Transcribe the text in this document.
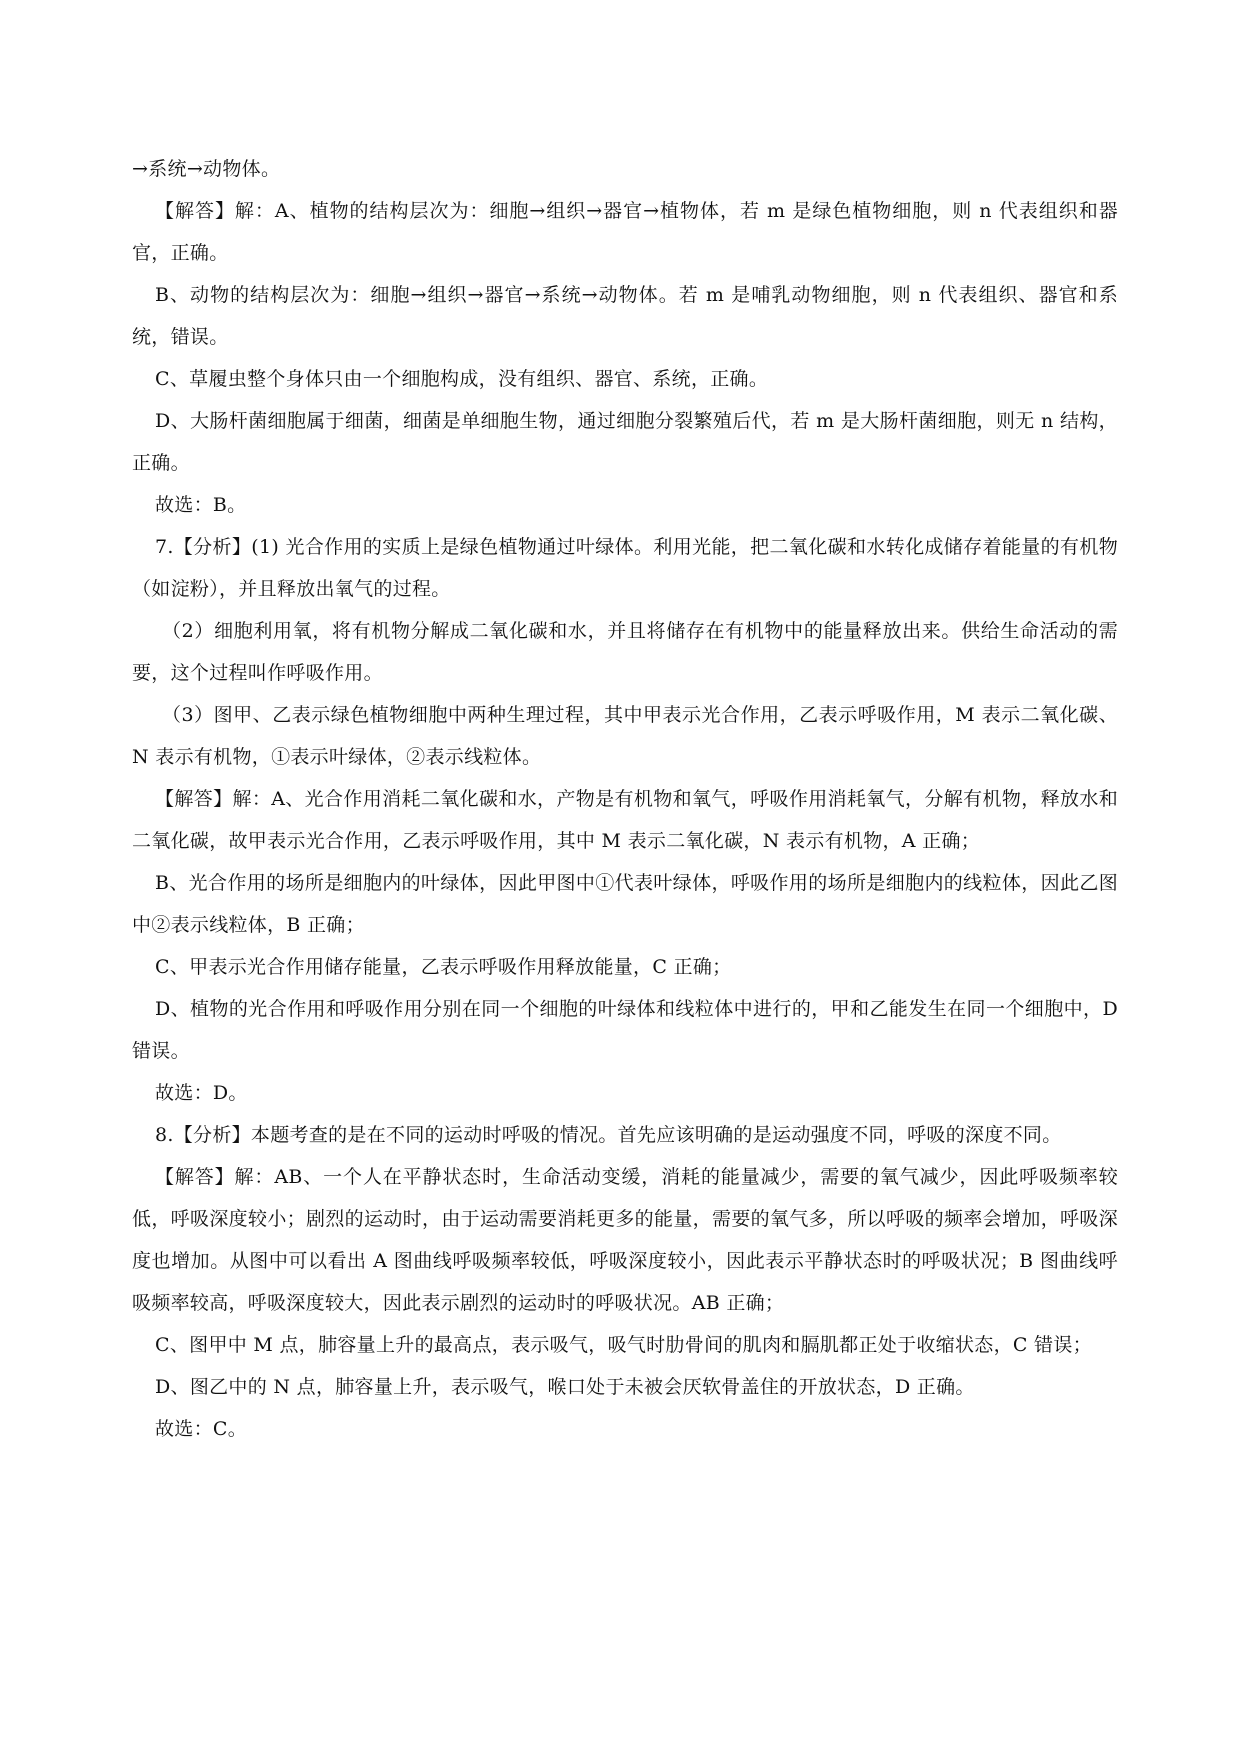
→系统→动物体。

【解答】解：A、植物的结构层次为：细胞→组织→器官→植物体，若 m 是绿色植物细胞，则 n 代表组织和器官，正确。

B、动物的结构层次为：细胞→组织→器官→系统→动物体。若 m 是哺乳动物细胞，则 n 代表组织、器官和系统，错误。

C、草履虫整个身体只由一个细胞构成，没有组织、器官、系统，正确。

D、大肠杆菌细胞属于细菌，细菌是单细胞生物，通过细胞分裂繁殖后代，若 m 是大肠杆菌细胞，则无 n 结构，正确。

故选：B。

7.【分析】(1) 光合作用的实质上是绿色植物通过叶绿体。利用光能，把二氧化碳和水转化成储存着能量的有机物（如淀粉），并且释放出氧气的过程。

（2）细胞利用氧，将有机物分解成二氧化碳和水，并且将储存在有机物中的能量释放出来。供给生命活动的需要，这个过程叫作呼吸作用。

（3）图甲、乙表示绿色植物细胞中两种生理过程，其中甲表示光合作用，乙表示呼吸作用，M 表示二氧化碳、N 表示有机物，①表示叶绿体，②表示线粒体。

【解答】解：A、光合作用消耗二氧化碳和水，产物是有机物和氧气，呼吸作用消耗氧气，分解有机物，释放水和二氧化碳，故甲表示光合作用，乙表示呼吸作用，其中 M 表示二氧化碳，N 表示有机物，A 正确；

B、光合作用的场所是细胞内的叶绿体，因此甲图中①代表叶绿体，呼吸作用的场所是细胞内的线粒体，因此乙图中②表示线粒体，B 正确；

C、甲表示光合作用储存能量，乙表示呼吸作用释放能量，C 正确；

D、植物的光合作用和呼吸作用分别在同一个细胞的叶绿体和线粒体中进行的，甲和乙能发生在同一个细胞中，D 错误。

故选：D。

8.【分析】本题考查的是在不同的运动时呼吸的情况。首先应该明确的是运动强度不同，呼吸的深度不同。

【解答】解：AB、一个人在平静状态时，生命活动变缓，消耗的能量减少，需要的氧气减少，因此呼吸频率较低，呼吸深度较小；剧烈的运动时，由于运动需要消耗更多的能量，需要的氧气多，所以呼吸的频率会增加，呼吸深度也增加。从图中可以看出 A 图曲线呼吸频率较低，呼吸深度较小，因此表示平静状态时的呼吸状况；B 图曲线呼吸频率较高，呼吸深度较大，因此表示剧烈的运动时的呼吸状况。AB 正确；

C、图甲中 M 点，肺容量上升的最高点，表示吸气，吸气时肋骨间的肌肉和膈肌都正处于收缩状态，C 错误；

D、图乙中的 N 点，肺容量上升，表示吸气，喉口处于未被会厌软骨盖住的开放状态，D 正确。

故选：C。
